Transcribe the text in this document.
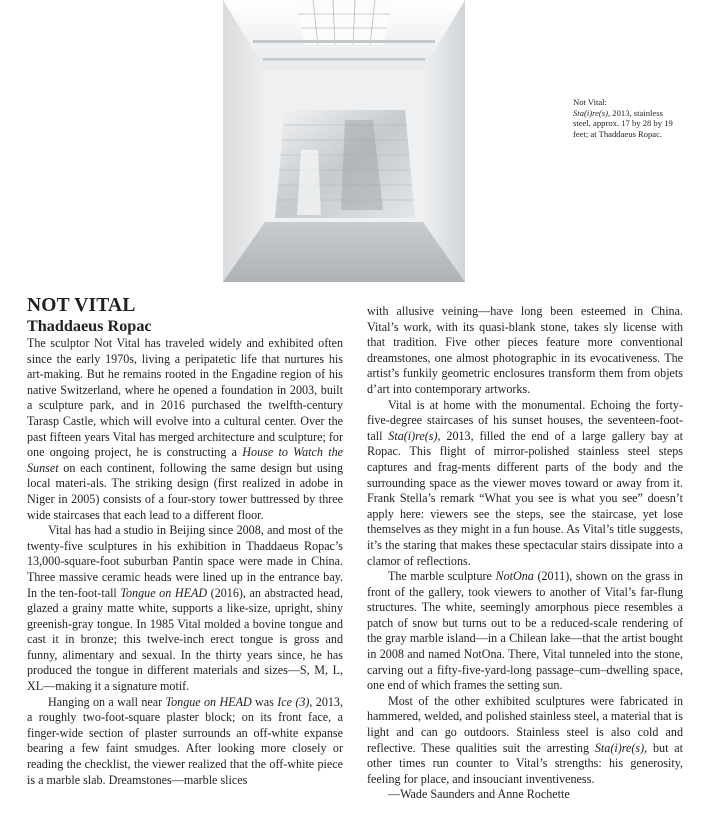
Not Vital:

Sta(i)re(s), 2013, stainless steel, approx. 17 by 28 by 19 feet; at Thaddaeus Ropac.

NOT VITAL
Thaddaeus Ropac

The sculptor Not Vital has traveled widely and exhibited often since the early 1970s, living a peripatetic life that nurtures his art-making. But he remains rooted in the Engadine region of his native Switzerland, where he opened a foundation in 2003, built a sculpture park, and in 2016 purchased the twelfth-century Tarasp Castle, which will evolve into a cultural center. Over the past fifteen years Vital has merged architecture and sculpture; for one ongoing project, he is constructing a House to Watch the Sunset on each continent, following the same design but using local materi-als. The striking design (first realized in adobe in Niger in 2005) consists of a four-story tower buttressed by three wide staircases that each lead to a different floor.

Vital has had a studio in Beijing since 2008, and most of the twenty-five sculptures in his exhibition in Thaddaeus Ropac’s 13,000-square-foot suburban Pantin space were made in China. Three massive ceramic heads were lined up in the entrance bay. In the ten-foot-tall Tongue on HEAD (2016), an abstracted head, glazed a grainy matte white, supports a like-size, upright, shiny greenish-gray tongue. In 1985 Vital molded a bovine tongue and cast it in bronze; this twelve-inch erect tongue is gross and funny, alimentary and sexual. In the thirty years since, he has produced the tongue in different materials and sizes—S, M, L, XL—making it a signature motif.

Hanging on a wall near Tongue on HEAD was Ice (3), 2013, a roughly two-foot-square plaster block; on its front face, a finger-wide section of plaster surrounds an off-white expanse bearing a few faint smudges. After looking more closely or reading the checklist, the viewer realized that the off-white piece is a marble slab. Dreamstones—marble slices

with allusive veining—have long been esteemed in China. Vital’s work, with its quasi-blank stone, takes sly license with that tradition. Five other pieces feature more conventional dreamstones, one almost photographic in its evocativeness. The artist’s funkily geometric enclosures transform them from objets d’art into contemporary artworks.

Vital is at home with the monumental. Echoing the forty-five-degree staircases of his sunset houses, the seventeen-foot-tall Sta(i)re(s), 2013, filled the end of a large gallery bay at Ropac. This flight of mirror-polished stainless steel steps captures and frag-ments different parts of the body and the surrounding space as the viewer moves toward or away from it. Frank Stella’s remark “What you see is what you see” doesn’t apply here: viewers see the steps, see the staircase, yet lose themselves as they might in a fun house. As Vital’s title suggests, it’s the staring that makes these spectacular stairs dissipate into a clamor of reflections.

The marble sculpture NotOna (2011), shown on the grass in front of the gallery, took viewers to another of Vital’s far-flung structures. The white, seemingly amorphous piece resembles a patch of snow but turns out to be a reduced-scale rendering of the gray marble island—in a Chilean lake—that the artist bought in 2008 and named NotOna. There, Vital tunneled into the stone, carving out a fifty-five-yard-long passage–cum–dwelling space, one end of which frames the setting sun.

Most of the other exhibited sculptures were fabricated in hammered, welded, and polished stainless steel, a material that is light and can go outdoors. Stainless steel is also cold and reflective. These qualities suit the arresting Sta(i)re(s), but at other times run counter to Vital’s strengths: his generosity, feeling for place, and insouciant inventiveness.

—Wade Saunders and Anne Rochette
